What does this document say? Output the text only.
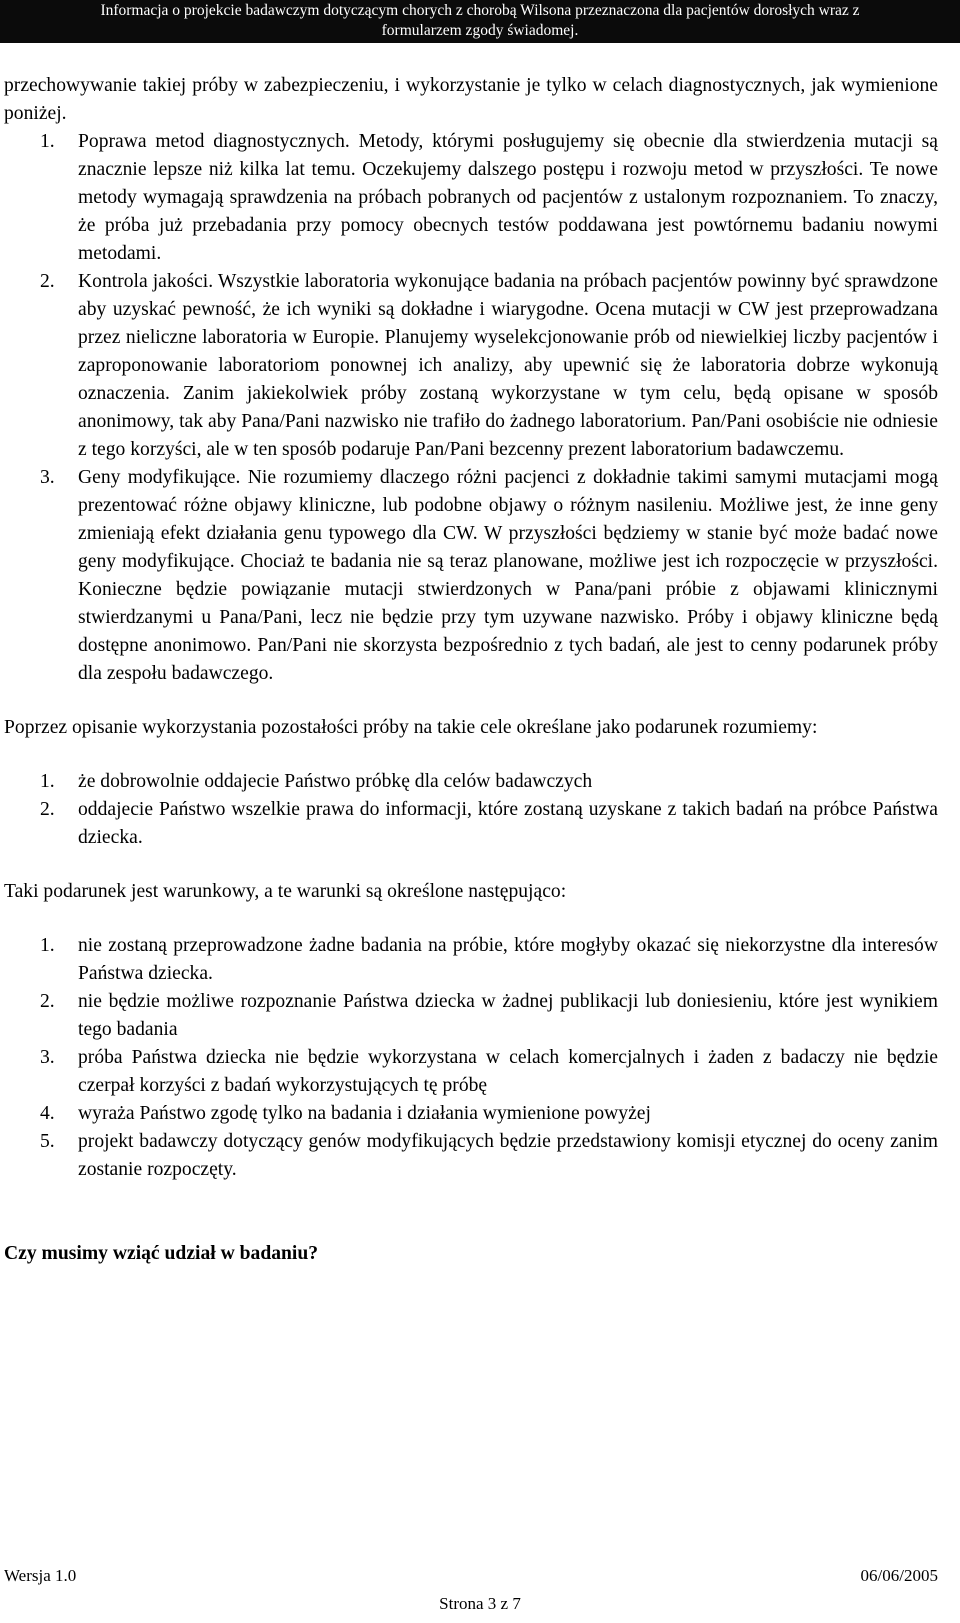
Informacja o projekcie badawczym dotyczącym chorych z chorobą Wilsona przeznaczona dla pacjentów dorosłych wraz z
formularzem zgody świadomej.

przechowywanie takiej próby w zabezpieczeniu, i wykorzystanie je tylko w celach diagnostycznych, jak wymienione poniżej.

1. Poprawa metod diagnostycznych. Metody, którymi posługujemy się obecnie dla stwierdzenia mutacji są znacznie lepsze niż kilka lat temu. Oczekujemy dalszego postępu i rozwoju metod w przyszłości. Te nowe metody wymagają sprawdzenia na próbach pobranych od pacjentów z ustalonym rozpoznaniem. To znaczy, że próba już przebadania przy pomocy obecnych testów poddawana jest powtórnemu badaniu nowymi metodami.
2. Kontrola jakości. Wszystkie laboratoria wykonujące badania na próbach pacjentów powinny być sprawdzone aby uzyskać pewność, że ich wyniki są dokładne i wiarygodne. Ocena mutacji w CW jest przeprowadzana przez nieliczne laboratoria w Europie. Planujemy wyselekcjonowanie prób od niewielkiej liczby pacjentów i zaproponowanie laboratoriom ponownej ich analizy, aby upewnić się że laboratoria dobrze wykonują oznaczenia. Zanim jakiekolwiek próby zostaną wykorzystane w tym celu, będą opisane w sposób anonimowy, tak aby Pana/Pani nazwisko nie trafiło do żadnego laboratorium. Pan/Pani osobiście nie odniesie z tego korzyści, ale w ten sposób podaruje Pan/Pani bezcenny prezent laboratorium badawczemu.
3. Geny modyfikujące. Nie rozumiemy dlaczego różni pacjenci z dokładnie takimi samymi mutacjami mogą prezentować różne objawy kliniczne, lub podobne objawy o różnym nasileniu. Możliwe jest, że inne geny zmieniają efekt działania genu typowego dla CW. W przyszłości będziemy w stanie być może badać nowe geny modyfikujące. Chociaż te badania nie są teraz planowane, możliwe jest ich rozpoczęcie w przyszłości. Konieczne będzie powiązanie mutacji stwierdzonych w Pana/pani próbie z objawami klinicznymi stwierdzanymi u Pana/Pani, lecz nie będzie przy tym uzywane nazwisko. Próby i objawy kliniczne będą dostępne anonimowo. Pan/Pani nie skorzysta bezpośrednio z tych badań, ale jest to cenny podarunek próby dla zespołu badawczego.

Poprzez opisanie wykorzystania pozostałości próby na takie cele określane jako podarunek rozumiemy:

1. że dobrowolnie oddajecie Państwo próbkę dla celów badawczych
2. oddajecie Państwo wszelkie prawa do informacji, które zostaną uzyskane z takich badań na próbce Państwa dziecka.

Taki podarunek jest warunkowy, a te warunki są określone następująco:

1. nie zostaną przeprowadzone żadne badania na próbie, które mogłyby okazać się niekorzystne dla interesów Państwa dziecka.
2. nie będzie możliwe rozpoznanie Państwa dziecka w żadnej publikacji lub doniesieniu, które jest wynikiem tego badania
3. próba Państwa dziecka nie będzie wykorzystana w celach komercjalnych i żaden z badaczy nie będzie czerpał korzyści z badań wykorzystujących tę próbę
4. wyraża Państwo zgodę tylko na badania i działania wymienione powyżej
5. projekt badawczy dotyczący genów modyfikujących będzie przedstawiony komisji etycznej do oceny zanim zostanie rozpoczęty.

Czy musimy wziąć udział w badaniu?

Wersja 1.0	06/06/2005
Strona 3 z 7
